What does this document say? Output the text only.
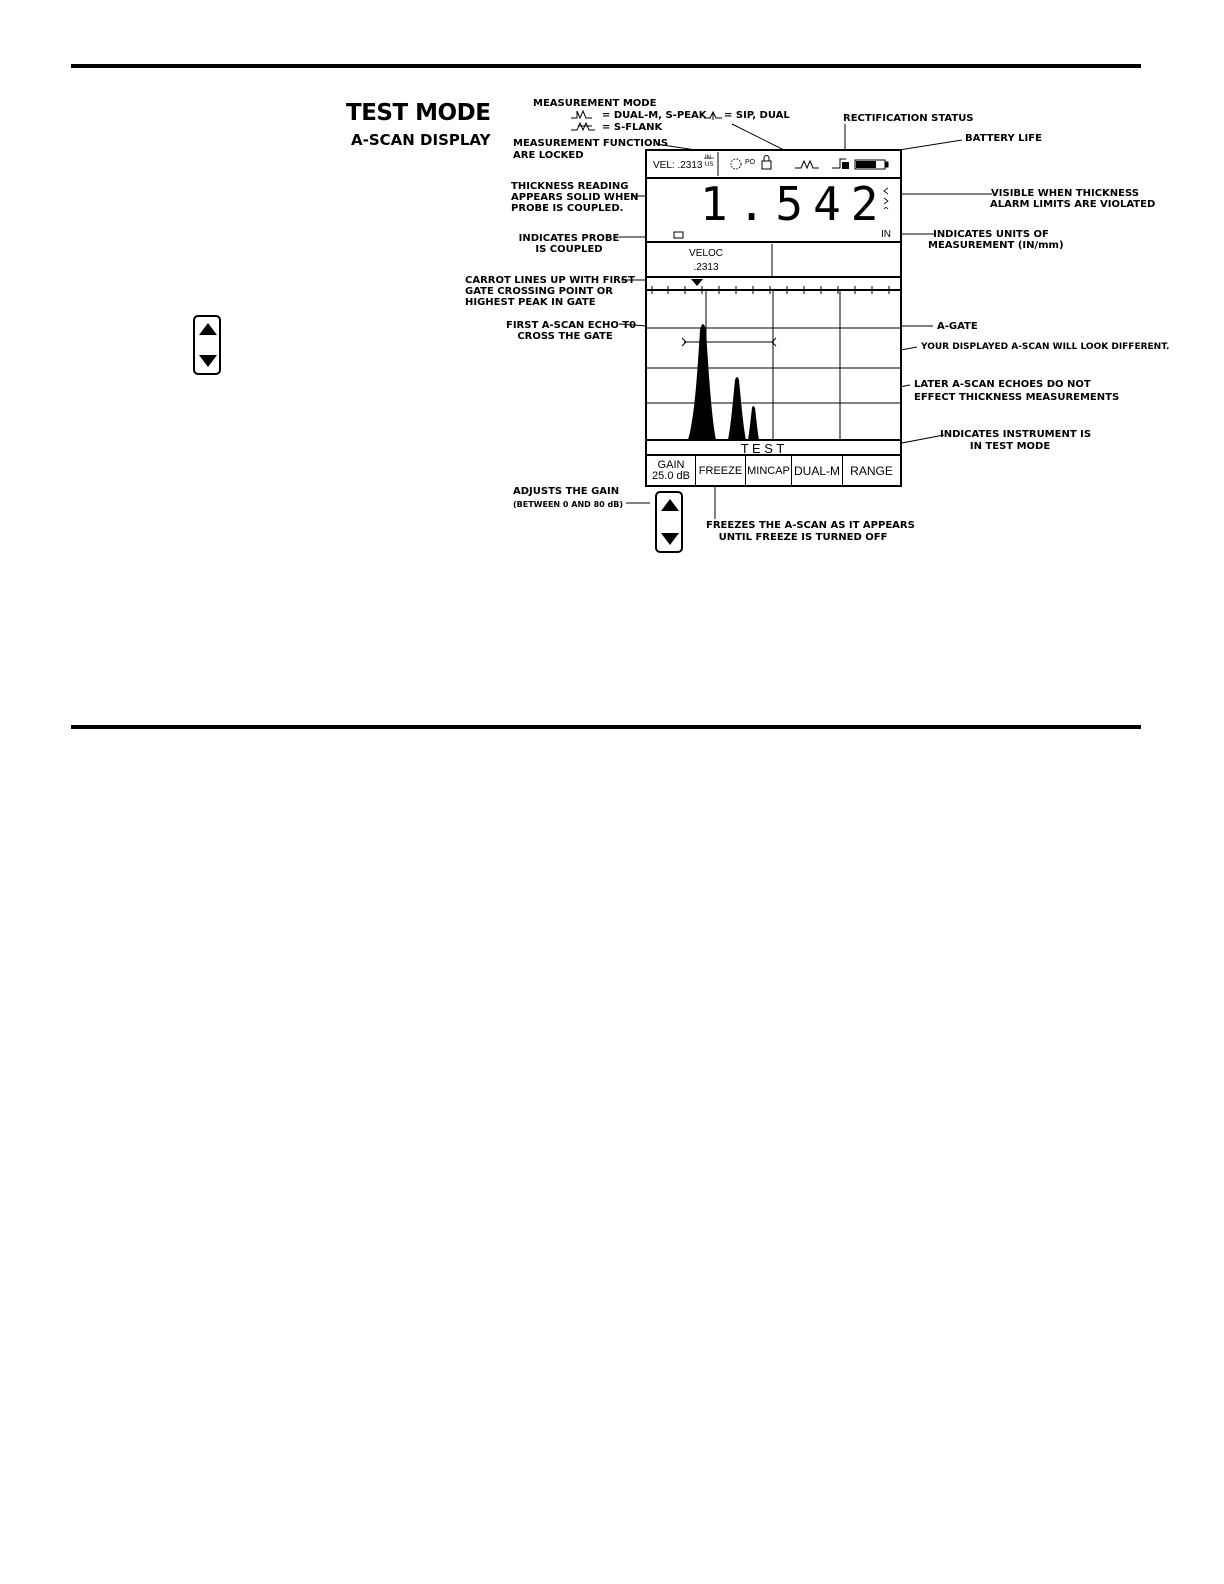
TEST MODE
A-SCAN DISPLAY
MEASUREMENT MODE
= DUAL-M, S-PEAK = SIP, DUAL
= S-FLANK
RECTIFICATION STATUS
BATTERY LIFE
MEASUREMENT FUNCTIONS
ARE LOCKED
THICKNESS READING
APPEARS SOLID WHEN
PROBE IS COUPLED.
VISIBLE WHEN THICKNESS
ALARM LIMITS ARE VIOLATED
INDICATES PROBE
IS COUPLED
INDICATES UNITS OF
MEASUREMENT (IN/mm)
CARROT LINES UP WITH FIRST
GATE CROSSING POINT OR
HIGHEST PEAK IN GATE
FIRST A-SCAN ECHO T0
CROSS THE GATE
A-GATE
YOUR DISPLAYED A-SCAN WILL LOOK DIFFERENT.
LATER A-SCAN ECHOES DO NOT
EFFECT THICKNESS MEASUREMENTS
INDICATES INSTRUMENT IS
IN TEST MODE
ADJUSTS THE GAIN
(BETWEEN 0 AND 80 dB)
FREEZES THE A-SCAN AS IT APPEARS
UNTIL FREEZE IS TURNED OFF
VEL: .2313
IN
US	PO
1.542
IN
VELOC
.2313
T E S T
GAIN
25.0 dB FREEZE MINCAP DUAL-M RANGE
